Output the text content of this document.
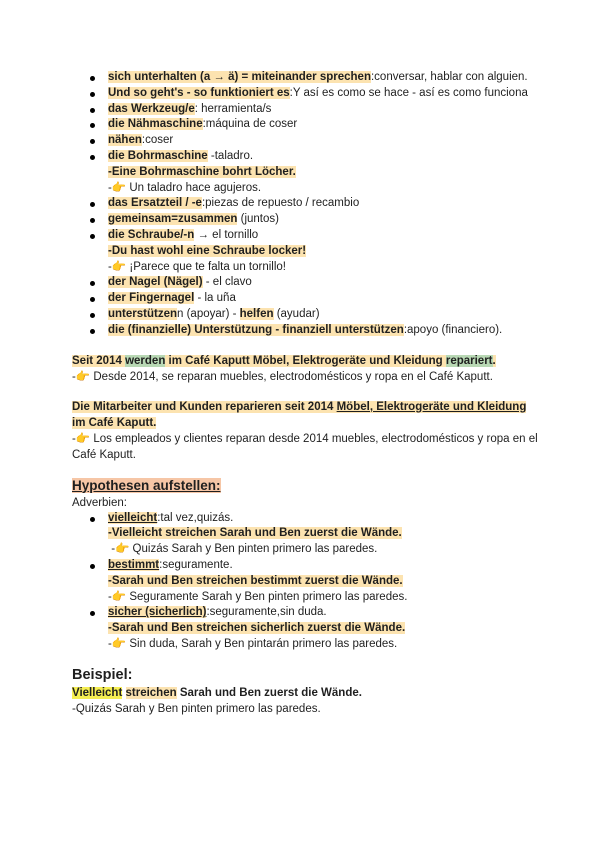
sich unterhalten (a → ä) = miteinander sprechen:conversar, hablar con alguien.
Und so geht's - so funktioniert es:Y así es como se hace - así es como funciona
das Werkzeug/e: herramienta/s
die Nähmaschine:máquina de coser
nähen:coser
die Bohrmaschine -taladro.
-Eine Bohrmaschine bohrt Löcher.
-👉 Un taladro hace agujeros.
das Ersatzteil / -e:piezas de repuesto / recambio
gemeinsam=zusammen (juntos)
die Schraube/-n → el tornillo
-Du hast wohl eine Schraube locker!
-👉 ¡Parece que te falta un tornillo!
der Nagel (Nägel) - el clavo
der Fingernagel - la uña
unterstützenn (apoyar) - helfen (ayudar)
die (finanzielle) Unterstützung - finanziell unterstützen:apoyo (financiero).

Seit 2014 werden im Café Kaputt Möbel, Elektrogeräte und Kleidung repariert.

-👉 Desde 2014, se reparan muebles, electrodomésticos y ropa en el Café Kaputt.

Die Mitarbeiter und Kunden reparieren seit 2014 Möbel, Elektrogeräte und Kleidung im Café Kaputt.

-👉 Los empleados y clientes reparan desde 2014 muebles, electrodomésticos y ropa en el Café Kaputt.
Hypothesen aufstellen:
Adverbien:
vielleicht:tal vez,quizás.
-Vielleicht streichen Sarah und Ben zuerst die Wände.
-👉 Quizás Sarah y Ben pinten primero las paredes.
bestimmt:seguramente.
-Sarah und Ben streichen bestimmt zuerst die Wände.
-👉 Seguramente Sarah y Ben pinten primero las paredes.
sicher (sicherlich):seguramente,sin duda.
-Sarah und Ben streichen sicherlich zuerst die Wände.
-👉 Sin duda, Sarah y Ben pintarán primero las paredes.
Beispiel:

Vielleicht streichen Sarah und Ben zuerst die Wände.

-Quizás Sarah y Ben pinten primero las paredes.
